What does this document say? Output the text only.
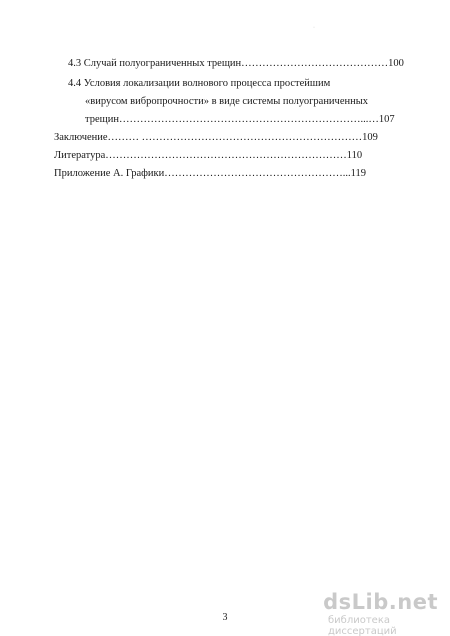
·
4.3 Случай полуограниченных трещин……………………………………100
4.4 Условия локализации волнового процесса простейшим
«вирусом вибропрочности» в виде системы полуограниченных
трещин……………………………………………………………...…107
Заключение……… ………………………………………………………109
Литература……………………………………………………………110
Приложение А. Графики……………………………………………...119
3
dsLib.net
библиотека диссертаций
